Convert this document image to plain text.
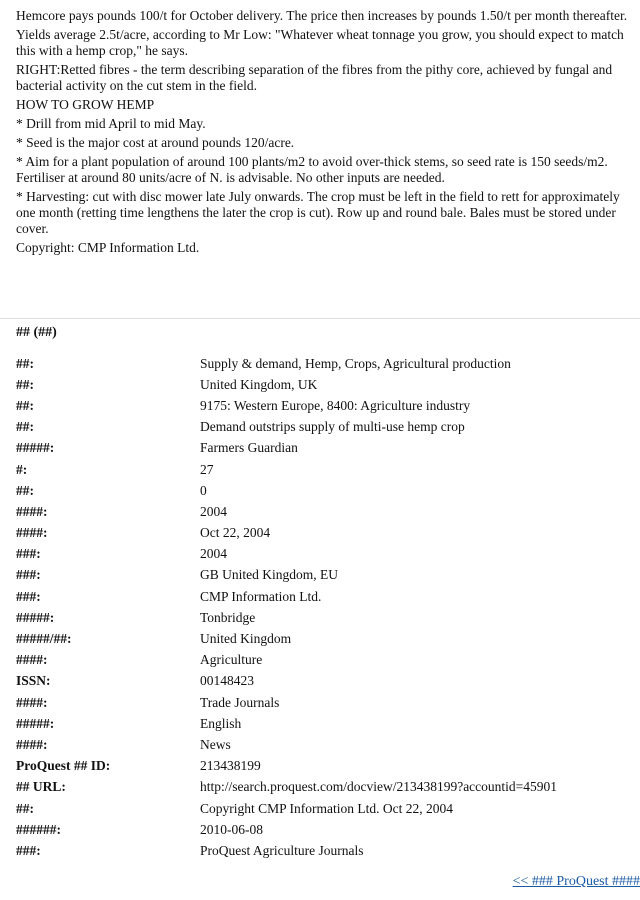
Hemcore pays pounds 100/t for October delivery. The price then increases by pounds 1.50/t per month thereafter.

Yields average 2.5t/acre, according to Mr Low: "Whatever wheat tonnage you grow, you should expect to match this with a hemp crop," he says.

RIGHT:Retted fibres - the term describing separation of the fibres from the pithy core, achieved by fungal and bacterial activity on the cut stem in the field.

HOW TO GROW HEMP

* Drill from mid April to mid May.

* Seed is the major cost at around pounds 120/acre.

* Aim for a plant population of around 100 plants/m2 to avoid over-thick stems, so seed rate is 150 seeds/m2. Fertiliser at around 80 units/acre of N. is advisable. No other inputs are needed.

* Harvesting: cut with disc mower late July onwards. The crop must be left in the field to rett for approximately one month (retting time lengthens the later the crop is cut). Row up and round bale. Bales must be stored under cover.

Copyright: CMP Information Ltd.

## (##)
##:	Supply & demand, Hemp, Crops, Agricultural production
##:	United Kingdom, UK
##:	9175: Western Europe, 8400: Agriculture industry
##:	Demand outstrips supply of multi-use hemp crop
#####:	Farmers Guardian
#:	27
##:	0
####:	2004
####:	Oct 22, 2004
###:	2004
###:	GB United Kingdom, EU
###:	CMP Information Ltd.
#####:	Tonbridge
#####/##:	United Kingdom
####:	Agriculture
ISSN:	00148423
####:	Trade Journals
#####:	English
####:	News
ProQuest ## ID:	213438199
## URL:	http://search.proquest.com/docview/213438199?accountid=45901
##:	Copyright CMP Information Ltd. Oct 22, 2004
######:	2010-06-08
###:	ProQuest Agriculture Journals
<< ### ProQuest ####
